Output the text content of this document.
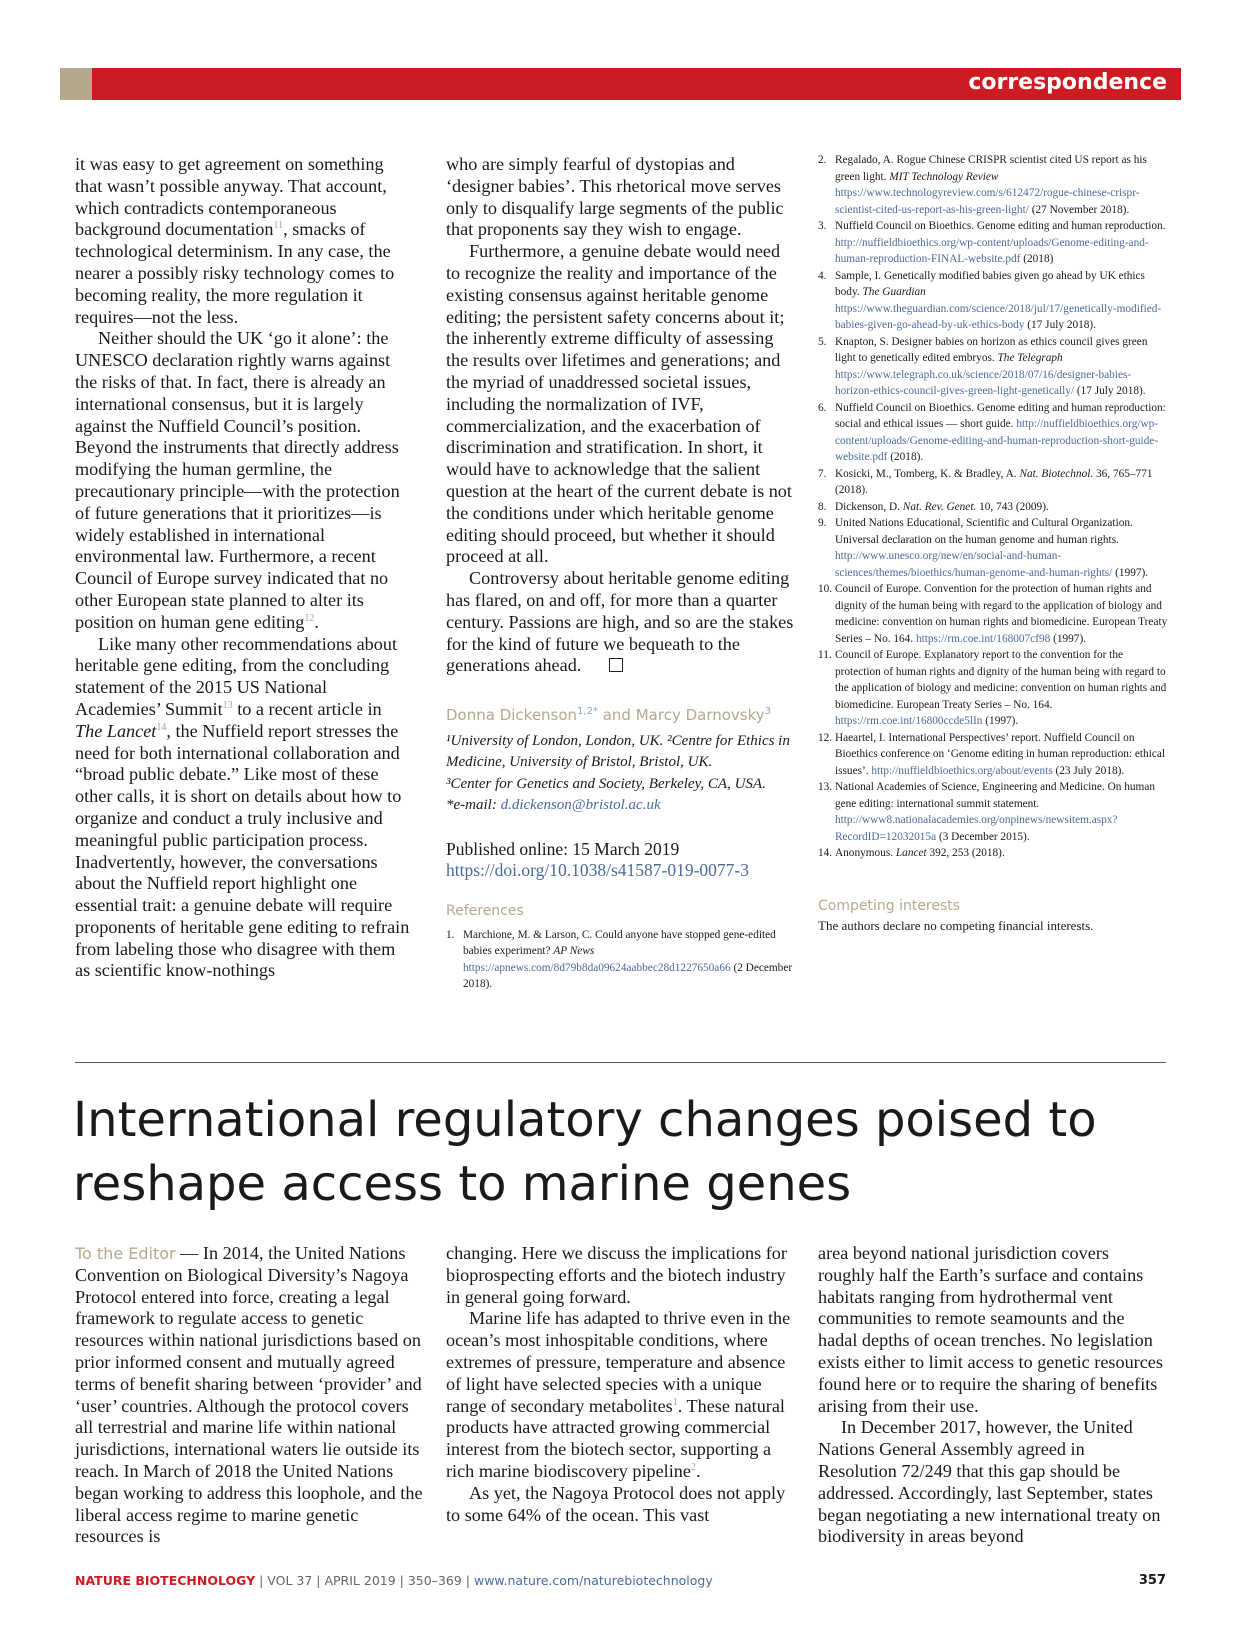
correspondence

it was easy to get agreement on something that wasn’t possible anyway. That account, which contradicts contemporaneous background documentation$^{11}$, smacks of technological determinism. In any case, the nearer a possibly risky technology comes to becoming reality, the more regulation it requires—not the less.

Neither should the UK ‘go it alone’: the UNESCO declaration rightly warns against the risks of that. In fact, there is already an international consensus, but it is largely against the Nuffield Council’s position. Beyond the instruments that directly address modifying the human germline, the precautionary principle—with the protection of future generations that it prioritizes—is widely established in international environmental law. Furthermore, a recent Council of Europe survey indicated that no other European state planned to alter its position on human gene editing$^{12}$.

Like many other recommendations about heritable gene editing, from the concluding statement of the 2015 US National Academies’ Summit$^{13}$ to a recent article in The Lancet$^{14}$, the Nuffield report stresses the need for both international collaboration and “broad public debate.” Like most of these other calls, it is short on details about how to organize and conduct a truly inclusive and meaningful public participation process. Inadvertently, however, the conversations about the Nuffield report highlight one essential trait: a genuine debate will require proponents of heritable gene editing to refrain from labeling those who disagree with them as scientific know-nothings

who are simply fearful of dystopias and ‘designer babies’. This rhetorical move serves only to disqualify large segments of the public that proponents say they wish to engage.

Furthermore, a genuine debate would need to recognize the reality and importance of the existing consensus against heritable genome editing; the persistent safety concerns about it; the inherently extreme difficulty of assessing the results over lifetimes and generations; and the myriad of unaddressed societal issues, including the normalization of IVF, commercialization, and the exacerbation of discrimination and stratification. In short, it would have to acknowledge that the salient question at the heart of the current debate is not the conditions under which heritable genome editing should proceed, but whether it should proceed at all.

Controversy about heritable genome editing has flared, on and off, for more than a quarter century. Passions are high, and so are the stakes for the kind of future we bequeath to the generations ahead.

Donna Dickenson$^{1,2*}$ and Marcy Darnovsky$^3$
¹University of London, London, UK. ²Centre for Ethics in Medicine, University of Bristol, Bristol, UK.
³Center for Genetics and Society, Berkeley, CA, USA.
*e-mail: d.dickenson@bristol.ac.uk
Published online: 15 March 2019
https://doi.org/10.1038/s41587-019-0077-3
References
1. Marchione, M. & Larson, C. Could anyone have stopped gene-edited babies experiment? AP News https://apnews.com/8d79b8da09624aabbec28d1227650a66 (2 December 2018).
2. Regalado, A. Rogue Chinese CRISPR scientist cited US report as his green light. MIT Technology Review https://www.technologyreview.com/s/612472/rogue-chinese-crispr-scientist-cited-us-report-as-his-green-light/ (27 November 2018).
3. Nuffield Council on Bioethics. Genome editing and human reproduction. http://nuffieldbioethics.org/wp-content/uploads/Genome-editing-and-human-reproduction-FINAL-website.pdf (2018)
4. Sample, I. Genetically modified babies given go ahead by UK ethics body. The Guardian https://www.theguardian.com/science/2018/jul/17/genetically-modified-babies-given-go-ahead-by-uk-ethics-body (17 July 2018).
5. Knapton, S. Designer babies on horizon as ethics council gives green light to genetically edited embryos. The Telegraph https://www.telegraph.co.uk/science/2018/07/16/designer-babies-horizon-ethics-council-gives-green-light-genetically/ (17 July 2018).
6. Nuffield Council on Bioethics. Genome editing and human reproduction: social and ethical issues — short guide. http://nuffieldbioethics.org/wp-content/uploads/Genome-editing-and-human-reproduction-short-guide-website.pdf (2018).
7. Kosicki, M., Tomberg, K. & Bradley, A. Nat. Biotechnol. 36, 765–771 (2018).
8. Dickenson, D. Nat. Rev. Genet. 10, 743 (2009).
9. United Nations Educational, Scientific and Cultural Organization. Universal declaration on the human genome and human rights. http://www.unesco.org/new/en/social-and-human-sciences/themes/bioethics/human-genome-and-human-rights/ (1997).
10. Council of Europe. Convention for the protection of human rights and dignity of the human being with regard to the application of biology and medicine: convention on human rights and biomedicine. European Treaty Series – No. 164. https://rm.coe.int/168007cf98 (1997).
11. Council of Europe. Explanatory report to the convention for the protection of human rights and dignity of the human being with regard to the application of biology and medicine: convention on human rights and biomedicine. European Treaty Series – No. 164. https://rm.coe.int/16800ccde5lIn (1997).
12. Haeartel, I. International Perspectives’ report. Nuffield Council on Bioethics conference on ‘Genome editing in human reproduction: ethical issues’. http://nuffieldbioethics.org/about/events (23 July 2018).
13. National Academies of Science, Engineering and Medicine. On human gene editing: international summit statement. http://www8.nationalacademies.org/onpinews/newsitem.aspx?RecordID=12032015a (3 December 2015).
14. Anonymous. Lancet 392, 253 (2018).
Competing interests
The authors declare no competing financial interests.
International regulatory changes poised to reshape access to marine genes

To the Editor — In 2014, the United Nations Convention on Biological Diversity’s Nagoya Protocol entered into force, creating a legal framework to regulate access to genetic resources within national jurisdictions based on prior informed consent and mutually agreed terms of benefit sharing between ‘provider’ and ‘user’ countries. Although the protocol covers all terrestrial and marine life within national jurisdictions, international waters lie outside its reach. In March of 2018 the United Nations began working to address this loophole, and the liberal access regime to marine genetic resources is

changing. Here we discuss the implications for bioprospecting efforts and the biotech industry in general going forward.

Marine life has adapted to thrive even in the ocean’s most inhospitable conditions, where extremes of pressure, temperature and absence of light have selected species with a unique range of secondary metabolites$^1$. These natural products have attracted growing commercial interest from the biotech sector, supporting a rich marine biodiscovery pipeline$^2$.

As yet, the Nagoya Protocol does not apply to some 64% of the ocean. This vast

area beyond national jurisdiction covers roughly half the Earth’s surface and contains habitats ranging from hydrothermal vent communities to remote seamounts and the hadal depths of ocean trenches. No legislation exists either to limit access to genetic resources found here or to require the sharing of benefits arising from their use.

In December 2017, however, the United Nations General Assembly agreed in Resolution 72/249 that this gap should be addressed. Accordingly, last September, states began negotiating a new international treaty on biodiversity in areas beyond

NATURE BIOTECHNOLOGY | VOL 37 | APRIL 2019 | 350–369 | www.nature.com/naturebiotechnology	357
